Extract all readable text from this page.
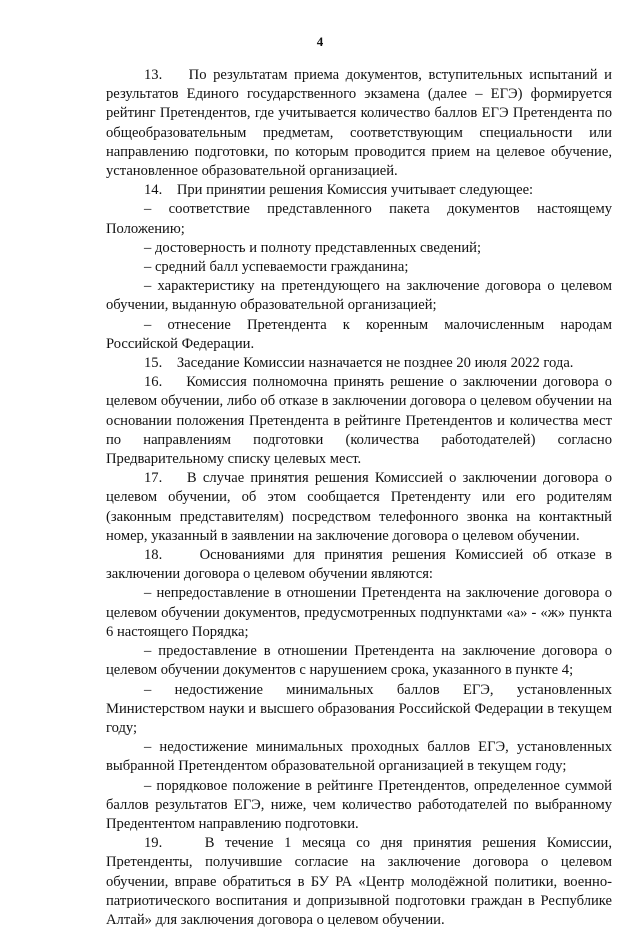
4

13.    По результатам приема документов, вступительных испытаний и результатов Единого государственного экзамена (далее – ЕГЭ) формируется рейтинг Претендентов, где учитывается количество баллов ЕГЭ Претендента по общеобразовательным предметам, соответствующим специальности или направлению подготовки, по которым проводится прием на целевое обучение, установленное образовательной организацией.

14.    При принятии решения Комиссия учитывает следующее:

– соответствие представленного пакета документов настоящему Положению;

– достоверность и полноту представленных сведений;

– средний балл успеваемости гражданина;

– характеристику на претендующего на заключение договора о целевом обучении, выданную образовательной организацией;

– отнесение Претендента к коренным малочисленным народам Российской Федерации.

15.    Заседание Комиссии назначается не позднее 20 июля 2022 года.

16.    Комиссия полномочна принять решение о заключении договора о целевом обучении, либо об отказе в заключении договора о целевом обучении на основании положения Претендента в рейтинге Претендентов и количества мест по направлениям подготовки (количества работодателей) согласно Предварительному списку целевых мест.

17.    В случае принятия решения Комиссией о заключении договора о целевом обучении, об этом сообщается Претенденту или его родителям (законным представителям) посредством телефонного звонка на контактный номер, указанный в заявлении на заключение договора о целевом обучении.

18.    Основаниями для принятия решения Комиссией об отказе в заключении договора о целевом обучении являются:

– непредоставление в отношении Претендента на заключение договора о целевом обучении документов, предусмотренных подпунктами «а» - «ж» пункта 6 настоящего Порядка;

– предоставление в отношении Претендента на заключение договора о целевом обучении документов с нарушением срока, указанного в пункте 4;

– недостижение минимальных баллов ЕГЭ, установленных Министерством науки и высшего образования Российской Федерации в текущем году;

– недостижение минимальных проходных баллов ЕГЭ, установленных выбранной Претендентом образовательной организацией в текущем году;

– порядковое положение в рейтинге Претендентов, определенное суммой баллов результатов ЕГЭ, ниже, чем количество работодателей по выбранному Предентентом направлению подготовки.

19.    В течение 1 месяца со дня принятия решения Комиссии, Претенденты, получившие согласие на заключение договора о целевом обучении, вправе обратиться в БУ РА «Центр молодёжной политики, военно-патриотического воспитания и допризывной подготовки граждан в Республике Алтай» для заключения договора о целевом обучении.
